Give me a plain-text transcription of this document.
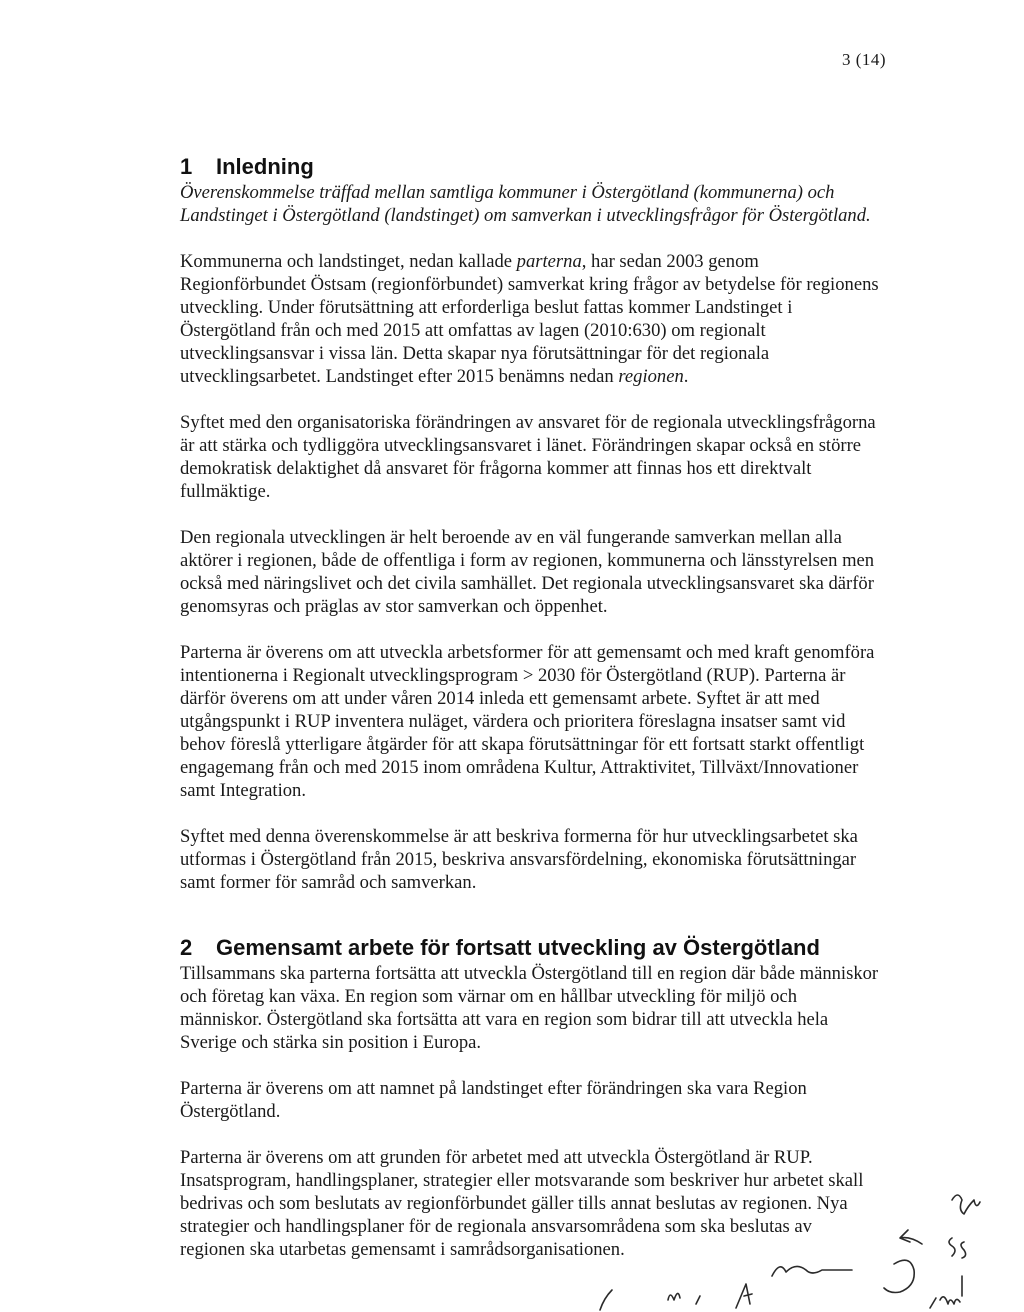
3 (14)
1 Inledning

Överenskommelse träffad mellan samtliga kommuner i Östergötland (kommunerna) och Landstinget i Östergötland (landstinget) om samverkan i utvecklingsfrågor för Östergötland.

Kommunerna och landstinget, nedan kallade parterna, har sedan 2003 genom Regionförbundet Östsam (regionförbundet) samverkat kring frågor av betydelse för regionens utveckling. Under förutsättning att erforderliga beslut fattas kommer Landstinget i Östergötland från och med 2015 att omfattas av lagen (2010:630) om regionalt utvecklingsansvar i vissa län. Detta skapar nya förutsättningar för det regionala utvecklingsarbetet. Landstinget efter 2015 benämns nedan regionen.

Syftet med den organisatoriska förändringen av ansvaret för de regionala utvecklingsfrågorna är att stärka och tydliggöra utvecklingsansvaret i länet. Förändringen skapar också en större demokratisk delaktighet då ansvaret för frågorna kommer att finnas hos ett direktvalt fullmäktige.

Den regionala utvecklingen är helt beroende av en väl fungerande samverkan mellan alla aktörer i regionen, både de offentliga i form av regionen, kommunerna och länsstyrelsen men också med näringslivet och det civila samhället. Det regionala utvecklingsansvaret ska därför genomsyras och präglas av stor samverkan och öppenhet.

Parterna är överens om att utveckla arbetsformer för att gemensamt och med kraft genomföra intentionerna i Regionalt utvecklingsprogram > 2030 för Östergötland (RUP). Parterna är därför överens om att under våren 2014 inleda ett gemensamt arbete. Syftet är att med utgångspunkt i RUP inventera nuläget, värdera och prioritera föreslagna insatser samt vid behov föreslå ytterligare åtgärder för att skapa förutsättningar för ett fortsatt starkt offentligt engagemang från och med 2015 inom områdena Kultur, Attraktivitet, Tillväxt/Innovationer samt Integration.

Syftet med denna överenskommelse är att beskriva formerna för hur utvecklingsarbetet ska utformas i Östergötland från 2015, beskriva ansvarsfördelning, ekonomiska förutsättningar samt former för samråd och samverkan.

2 Gemensamt arbete för fortsatt utveckling av Östergötland

Tillsammans ska parterna fortsätta att utveckla Östergötland till en region där både människor och företag kan växa. En region som värnar om en hållbar utveckling för miljö och människor. Östergötland ska fortsätta att vara en region som bidrar till att utveckla hela Sverige och stärka sin position i Europa.

Parterna är överens om att namnet på landstinget efter förändringen ska vara Region Östergötland.

Parterna är överens om att grunden för arbetet med att utveckla Östergötland är RUP. Insatsprogram, handlingsplaner, strategier eller motsvarande som beskriver hur arbetet skall bedrivas och som beslutats av regionförbundet gäller tills annat beslutas av regionen. Nya strategier och handlingsplaner för de regionala ansvarsområdena som ska beslutas av regionen ska utarbetas gemensamt i samrådsorganisationen.
